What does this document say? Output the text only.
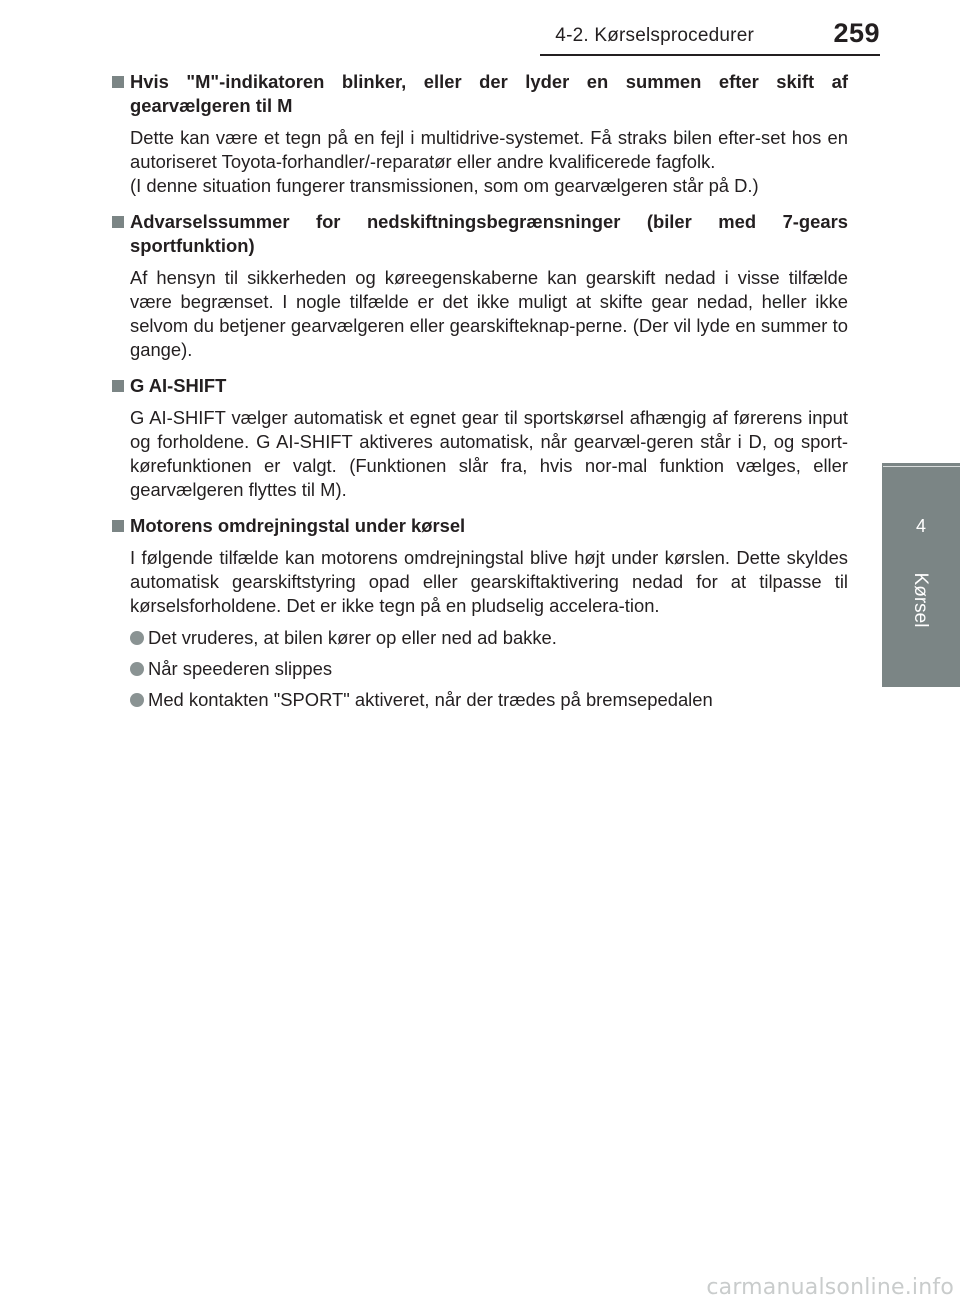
4-2. Kørselsprocedurer	259
4
Kørsel
Hvis "M"-indikatoren blinker, eller der lyder en summen efter skift af gearvælgeren til M
Dette kan være et tegn på en fejl i multidrive-systemet. Få straks bilen efter-set hos en autoriseret Toyota-forhandler/-reparatør eller andre kvalificerede fagfolk.
(I denne situation fungerer transmissionen, som om gearvælgeren står på D.)
Advarselssummer for nedskiftningsbegrænsninger (biler med 7-gears sportfunktion)
Af hensyn til sikkerheden og køreegenskaberne kan gearskift nedad i visse tilfælde være begrænset. I nogle tilfælde er det ikke muligt at skifte gear nedad, heller ikke selvom du betjener gearvælgeren eller gearskifteknap-perne. (Der vil lyde en summer to gange).
G AI-SHIFT
G AI-SHIFT vælger automatisk et egnet gear til sportskørsel afhængig af førerens input og forholdene. G AI-SHIFT aktiveres automatisk, når gearvæl-geren står i D, og sport-kørefunktionen er valgt. (Funktionen slår fra, hvis nor-mal funktion vælges, eller gearvælgeren flyttes til M).
Motorens omdrejningstal under kørsel
I følgende tilfælde kan motorens omdrejningstal blive højt under kørslen. Dette skyldes automatisk gearskiftstyring opad eller gearskiftaktivering nedad for at tilpasse til kørselsforholdene. Det er ikke tegn på en pludselig accelera-tion.
Det vruderes, at bilen kører op eller ned ad bakke.
Når speederen slippes
Med kontakten "SPORT" aktiveret, når der trædes på bremsepedalen
carmanualsonline.info
